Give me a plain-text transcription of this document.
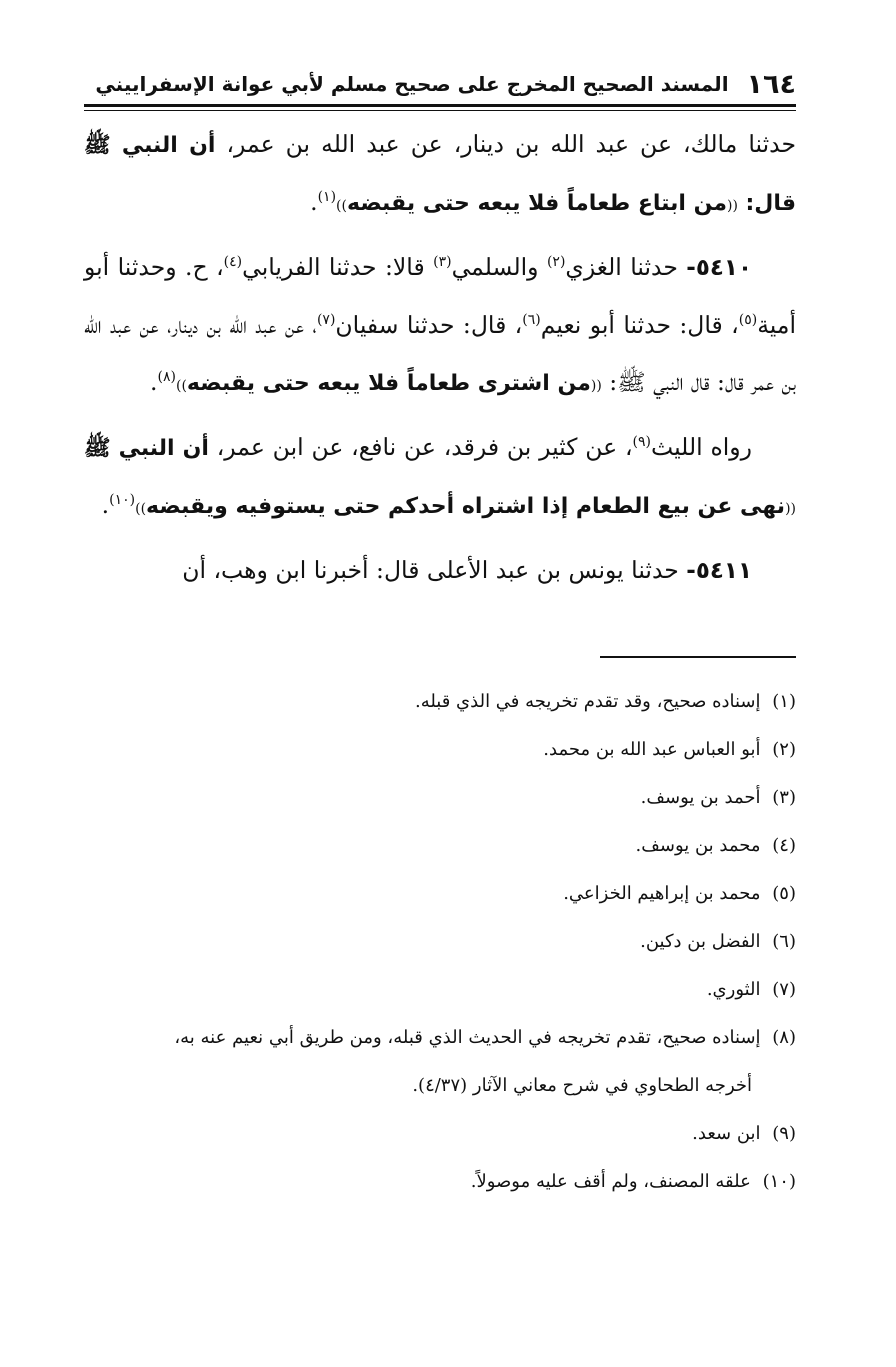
١٦٤
المسند الصحيح المخرج على صحيح مسلم لأبي عوانة الإسفراييني

حدثنا مالك، عن عبد الله بن دينار، عن عبد الله بن عمر، أن النبي ﷺ قال: ((من ابتاع طعاماً فلا يبعه حتى يقبضه))$^{(١)}$.

٥٤١٠- حدثنا الغزي$^{(٢)}$ والسلمي$^{(٣)}$ قالا: حدثنا الفريابي$^{(٤)}$، ح. وحدثنا أبو أمية$^{(٥)}$، قال: حدثنا أبو نعيم$^{(٦)}$، قال: حدثنا سفيان$^{(٧)}$، عن عبد الله بن دينار، عن عبد الله بن عمر قال: قال النبي ﷺ: ((من اشترى طعاماً فلا يبعه حتى يقبضه))$^{(٨)}$.

رواه الليث$^{(٩)}$، عن كثير بن فرقد، عن نافع، عن ابن عمر، أن النبي ﷺ ((نهى عن بيع الطعام إذا اشتراه أحدكم حتى يستوفيه ويقبضه))$^{(١٠)}$.

٥٤١١- حدثنا يونس بن عبد الأعلى قال: أخبرنا ابن وهب، أن

(١) إسناده صحيح، وقد تقدم تخريجه في الذي قبله.

(٢) أبو العباس عبد الله بن محمد.

(٣) أحمد بن يوسف.

(٤) محمد بن يوسف.

(٥) محمد بن إبراهيم الخزاعي.

(٦) الفضل بن دكين.

(٧) الثوري.

(٨) إسناده صحيح، تقدم تخريجه في الحديث الذي قبله، ومن طريق أبي نعيم عنه به،

أخرجه الطحاوي في شرح معاني الآثار (٤/٣٧).

(٩) ابن سعد.

(١٠) علقه المصنف، ولم أقف عليه موصولاً.
